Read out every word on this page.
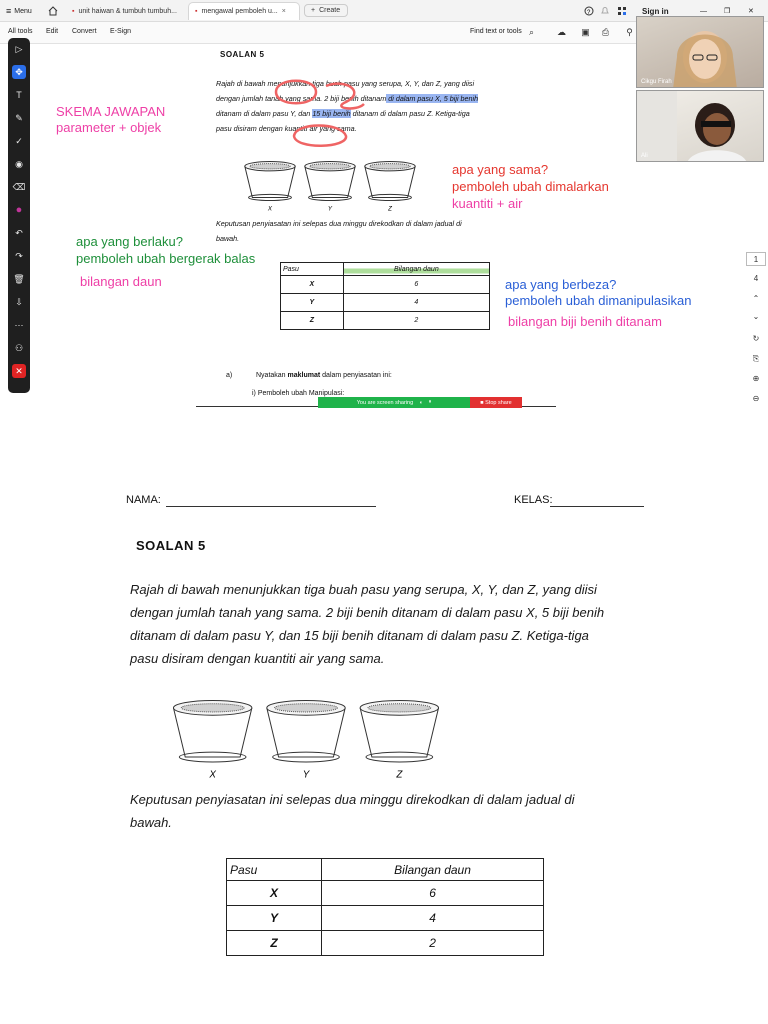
≡ Menu	▪ unit haiwan & tumbuh tumbuh...	▪ mengawal pemboleh u... ×	+ Create	?	Sign in	— ❐	✕
All tools Edit Convert E-Sign	Find text or tools ⌕	☁ ▣ ⎙ ⚲
▷
✥
T
✎
✓
◉
⌫
●
↶
↷
🗑
⇩
⋯
⚇
✕
SOALAN 5
Rajah di bawah menunjukkan tiga buah pasu yang serupa, X, Y, dan Z, yang diisi
dengan jumlah tanah yang sama. 2 biji benih ditanam di dalam pasu X, 5 biji benih
ditanam di dalam pasu Y, dan 15 biji benih ditanam di dalam pasu Z. Ketiga-tiga
pasu disiram dengan kuantiti air yang sama.
X	Y	Z
Keputusan penyiasatan ini selepas dua minggu direkodkan di dalam jadual di
bawah.
Pasu	Bilangan daun
X	6
Y	4
Z	2
a)	Nyatakan maklumat dalam penyiasatan ini:
i) Pemboleh ubah Manipulasi:
SKEMA JAWAPAN
parameter + objek
apa yang berlaku?
pemboleh ubah bergerak balas
bilangan daun
apa yang sama?
pemboleh ubah dimalarkan
kuantiti + air
apa yang berbeza?
pemboleh ubah dimanipulasikan
bilangan biji benih ditanam
Cikgu Firah
Ali
1
4
⌃
⌄
↻
⎘
⊕
⊖
You are screen sharing ◖ ⏸	■ Stop share
NAMA:	KELAS:
SOALAN 5
Rajah di bawah menunjukkan tiga buah pasu yang serupa, X, Y, dan Z, yang diisi
dengan jumlah tanah yang sama. 2 biji benih ditanam di dalam pasu X, 5 biji benih
ditanam di dalam pasu Y, dan 15 biji benih ditanam di dalam pasu Z. Ketiga-tiga
pasu disiram dengan kuantiti air yang sama.
X	Y	Z
Keputusan penyiasatan ini selepas dua minggu direkodkan di dalam jadual di
bawah.
Pasu	Bilangan daun
X	6
Y	4
Z	2
